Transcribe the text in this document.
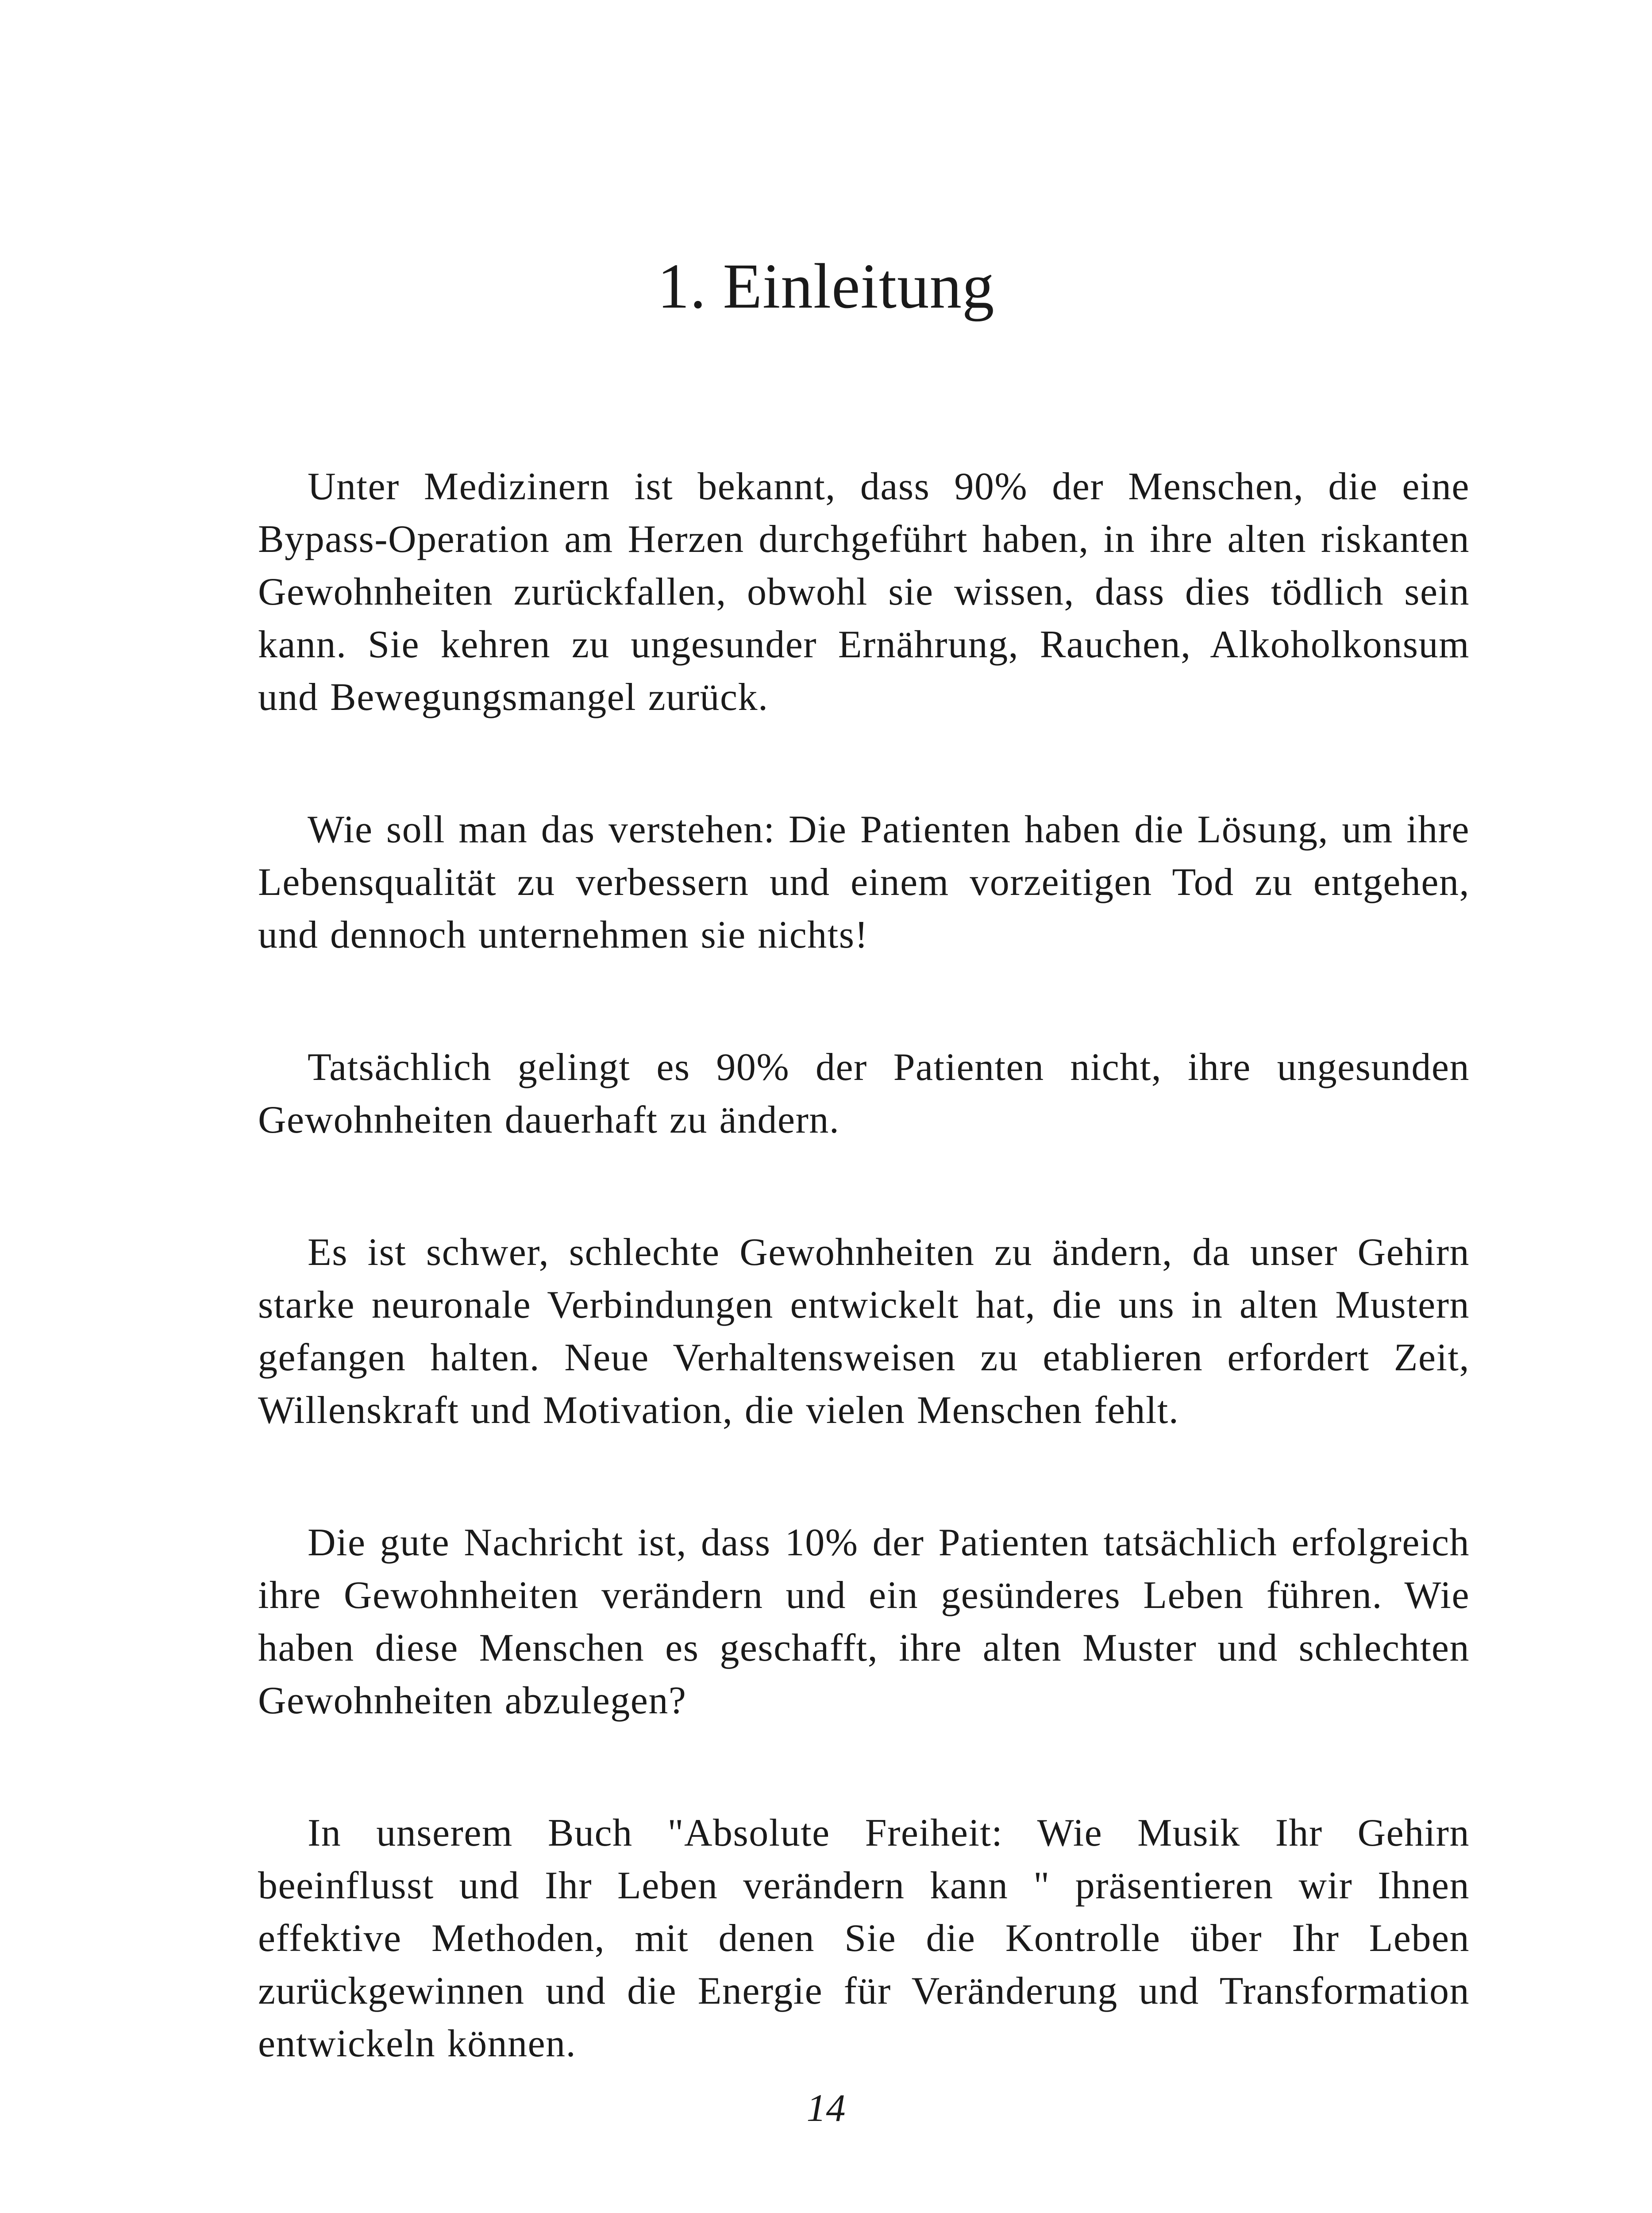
1. Einleitung

Unter Medizinern ist bekannt, dass 90% der Menschen, die eine Bypass-Operation am Herzen durchgeführt haben, in ihre alten riskanten Gewohnheiten zurückfallen, obwohl sie wissen, dass dies tödlich sein kann. Sie kehren zu ungesunder Ernährung, Rauchen, Alkoholkonsum und Bewegungsmangel zurück.

Wie soll man das verstehen: Die Patienten haben die Lösung, um ihre Lebensqualität zu verbessern und einem vorzeitigen Tod zu entgehen, und dennoch unternehmen sie nichts!

Tatsächlich gelingt es 90% der Patienten nicht, ihre ungesunden Gewohnheiten dauerhaft zu ändern.

Es ist schwer, schlechte Gewohnheiten zu ändern, da unser Gehirn starke neuronale Verbindungen entwickelt hat, die uns in alten Mustern gefangen halten. Neue Verhaltensweisen zu etablieren erfordert Zeit, Willenskraft und Motivation, die vielen Menschen fehlt.

Die gute Nachricht ist, dass 10% der Patienten tatsächlich erfolgreich ihre Gewohnheiten verändern und ein gesünderes Leben führen. Wie haben diese Menschen es geschafft, ihre alten Muster und schlechten Gewohnheiten abzulegen?

In unserem Buch "Absolute Freiheit: Wie Musik Ihr Gehirn beeinflusst und Ihr Leben verändern kann " präsentieren wir Ihnen effektive Methoden, mit denen Sie die Kontrolle über Ihr Leben zurückgewinnen und die Energie für Veränderung und Transformation entwickeln können.

14
